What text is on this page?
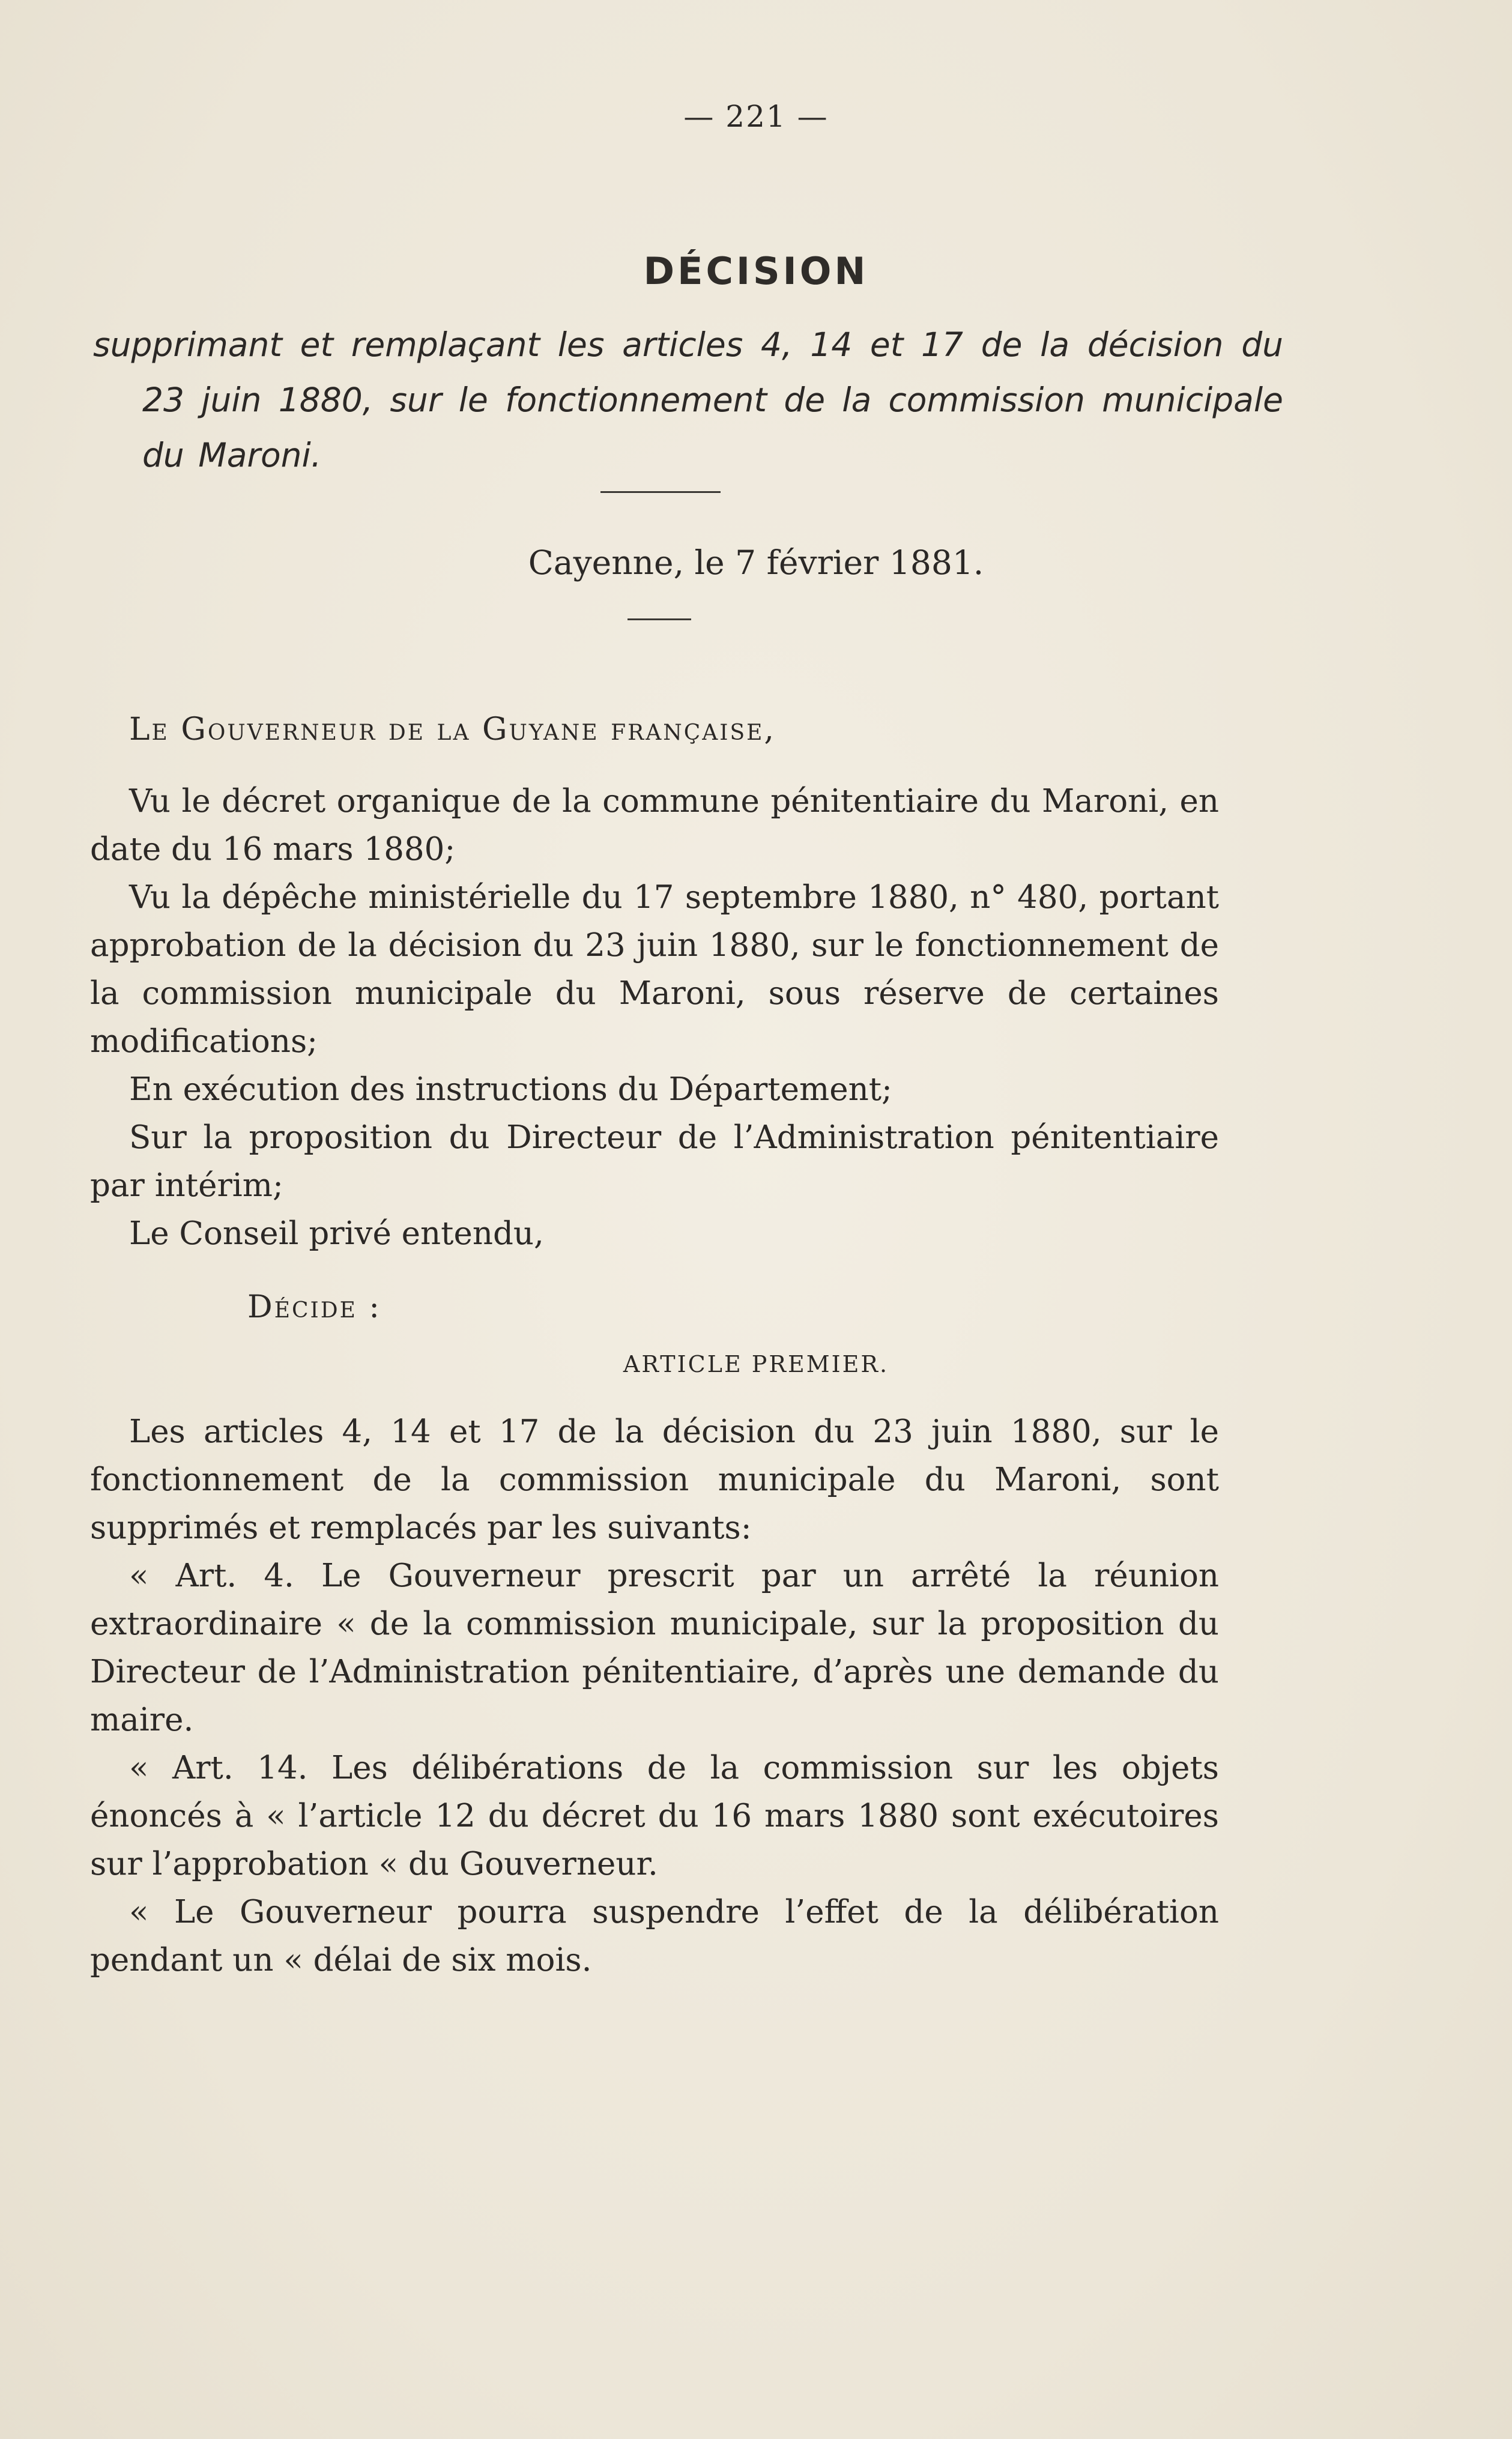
— 221 —
DÉCISION
supprimant et remplaçant les articles 4, 14 et 17 de la décision du 23 juin 1880, sur le fonctionnement de la commission municipale du Maroni.
Cayenne, le 7 février 1881.
Le Gouverneur de la Guyane française,

Vu le décret organique de la commune pénitentiaire du Maroni, en date du 16 mars 1880;

Vu la dépêche ministérielle du 17 septembre 1880, n° 480, portant approbation de la décision du 23 juin 1880, sur le fonctionnement de la commission municipale du Maroni, sous réserve de certaines modifications;

En exécution des instructions du Département;

Sur la proposition du Directeur de l’Administration pénitentiaire par intérim;

Le Conseil privé entendu,

Décide :
ARTICLE PREMIER.

Les articles 4, 14 et 17 de la décision du 23 juin 1880, sur le fonctionnement de la commission municipale du Maroni, sont supprimés et remplacés par les suivants:

« Art. 4. Le Gouverneur prescrit par un arrêté la réunion extraordinaire « de la commission municipale, sur la proposition du Directeur de l’Administration pénitentiaire, d’après une demande du maire.

« Art. 14. Les délibérations de la commission sur les objets énoncés à « l’article 12 du décret du 16 mars 1880 sont exécutoires sur l’approbation « du Gouverneur.

« Le Gouverneur pourra suspendre l’effet de la délibération pendant un « délai de six mois.
